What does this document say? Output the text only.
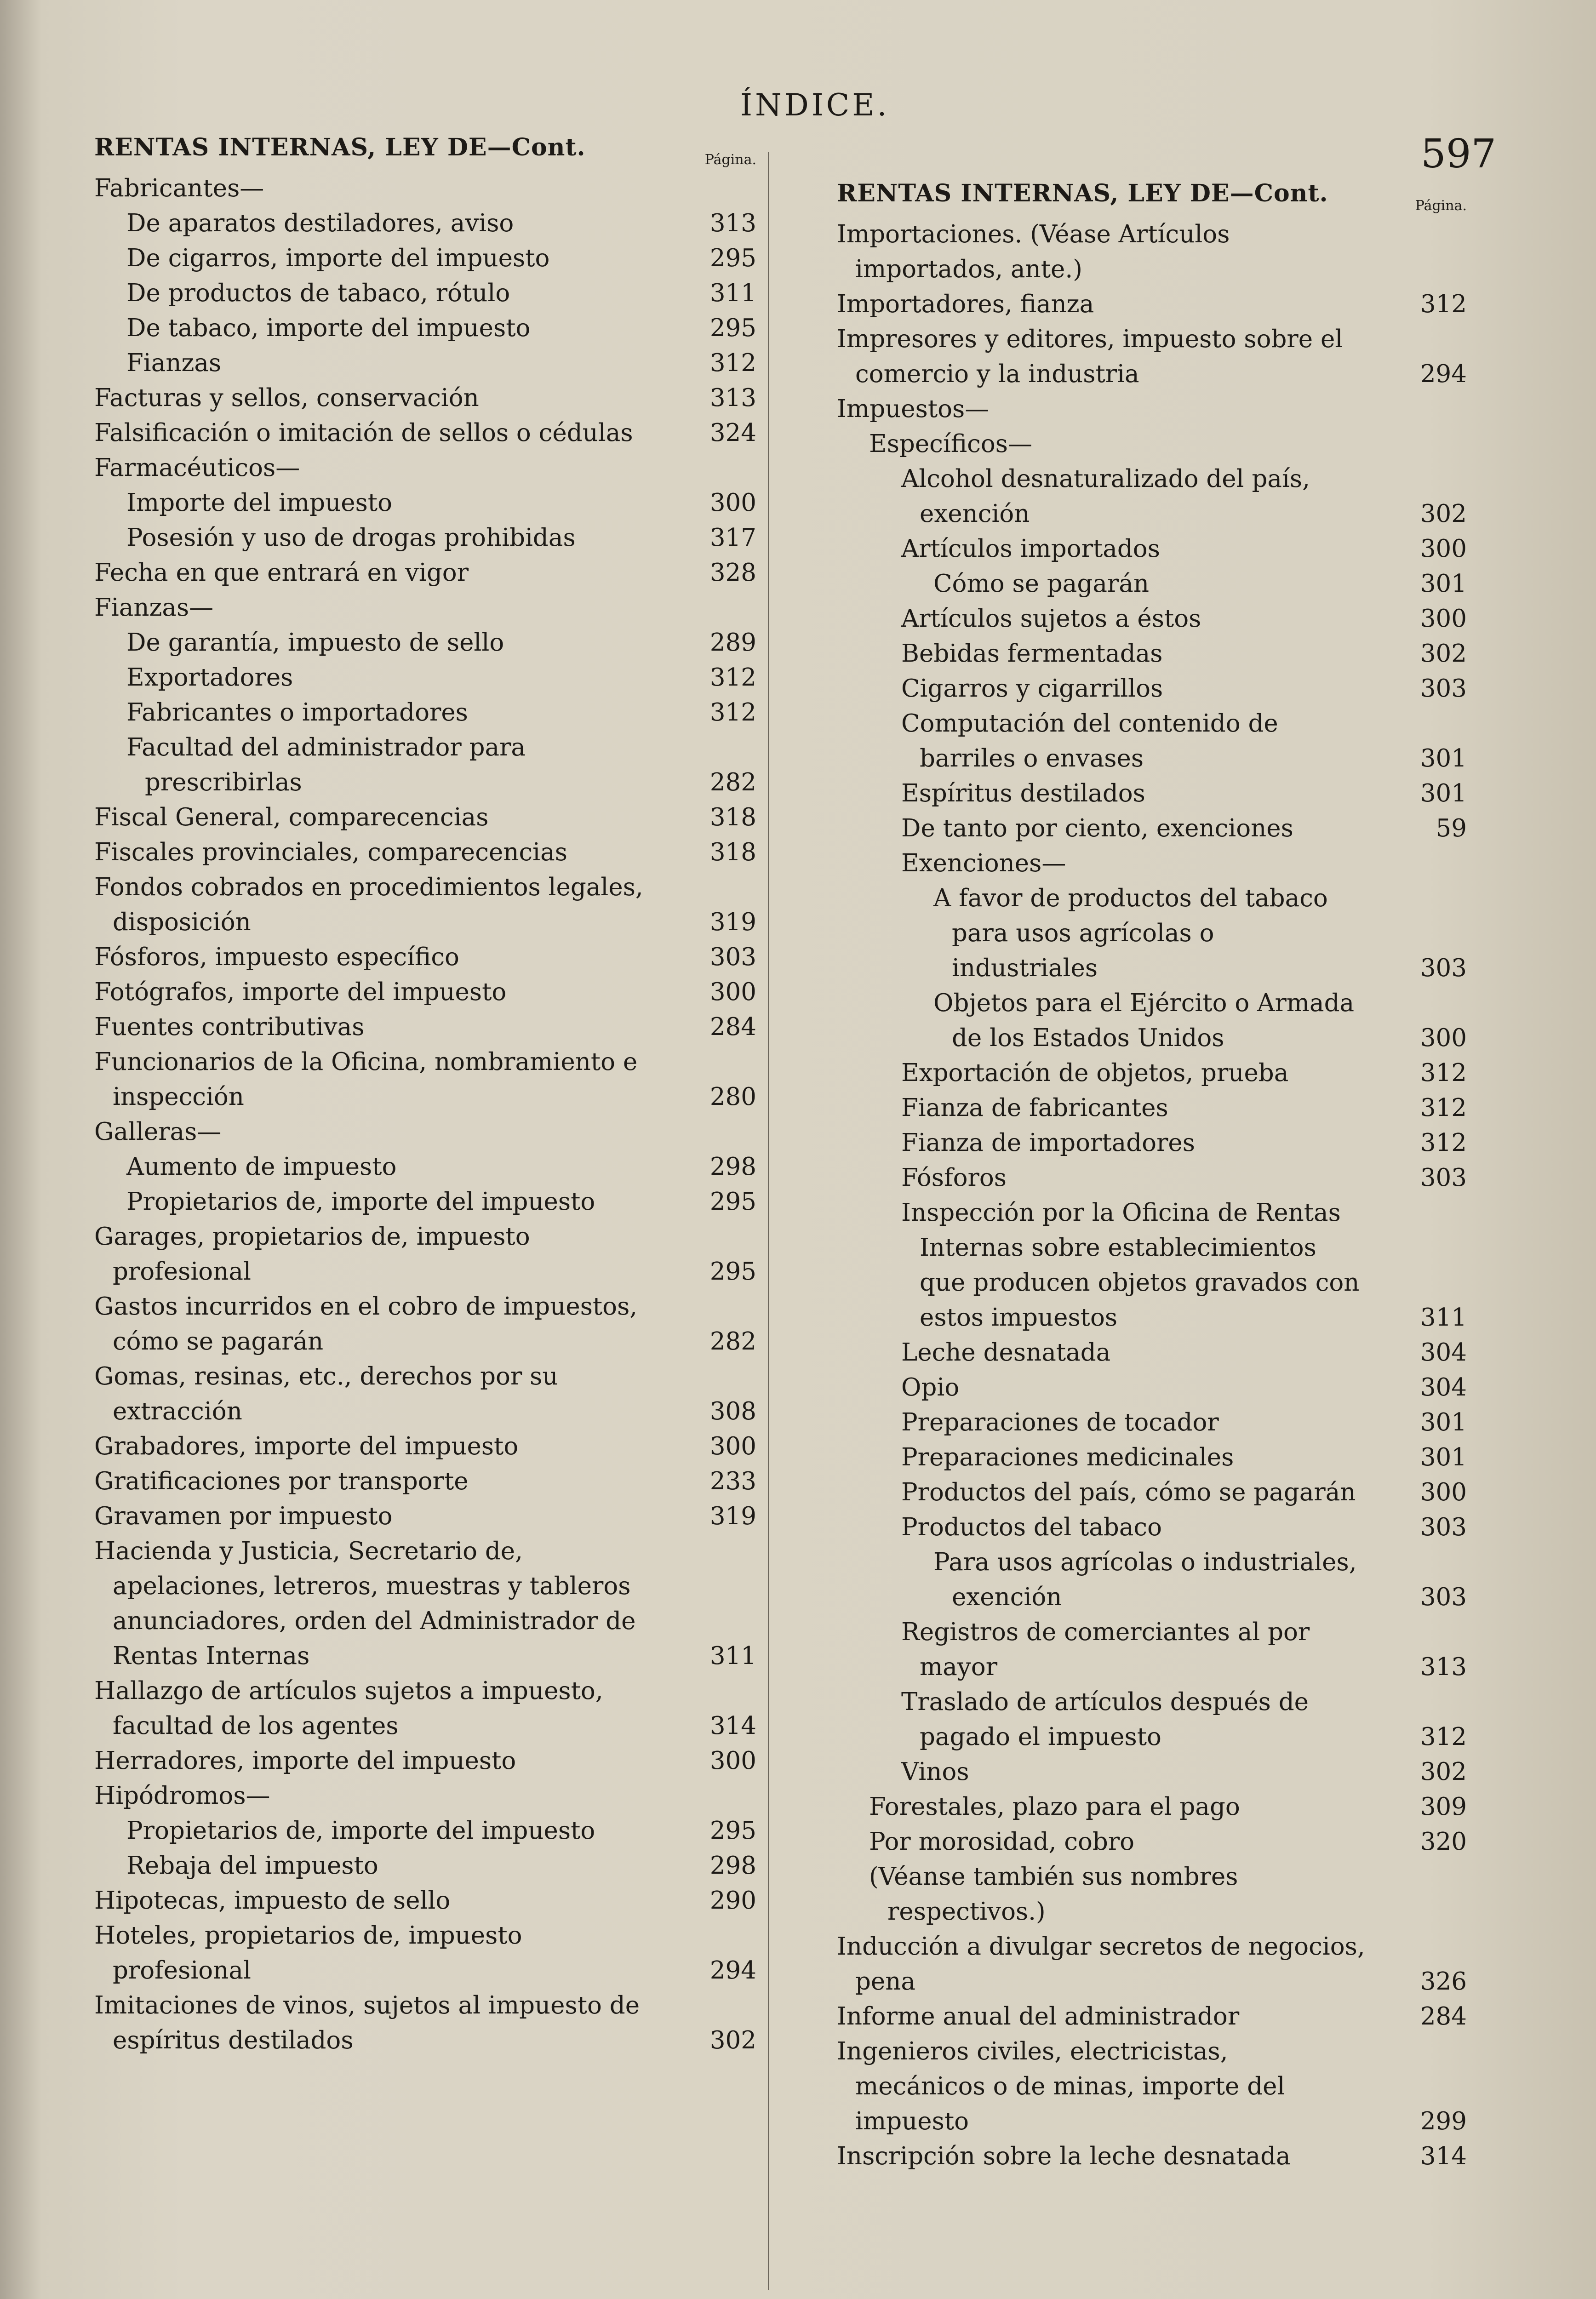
ÍNDICE.
597
RENTAS INTERNAS, LEY DE—Cont.	Página.
Fabricantes—
De aparatos destiladores, aviso	313
De cigarros, importe del impuesto	295
De productos de tabaco, rótulo	311
De tabaco, importe del impuesto	295
Fianzas	312
Facturas y sellos, conservación	313
Falsificación o imitación de sellos o cédulas	324
Farmacéuticos—
Importe del impuesto	300
Posesión y uso de drogas prohibidas	317
Fecha en que entrará en vigor	328
Fianzas—
De garantía, impuesto de sello	289
Exportadores	312
Fabricantes o importadores	312
Facultad del administrador para prescribirlas	282
Fiscal General, comparecencias	318
Fiscales provinciales, comparecencias	318
Fondos cobrados en procedimientos legales, disposición	319
Fósforos, impuesto específico	303
Fotógrafos, importe del impuesto	300
Fuentes contributivas	284
Funcionarios de la Oficina, nombramiento e inspección	280
Galleras—
Aumento de impuesto	298
Propietarios de, importe del impuesto	295
Garages, propietarios de, impuesto profesional	295
Gastos incurridos en el cobro de impuestos, cómo se pagarán	282
Gomas, resinas, etc., derechos por su extracción	308
Grabadores, importe del impuesto	300
Gratificaciones por transporte	233
Gravamen por impuesto	319
Hacienda y Justicia, Secretario de, apelaciones, letreros, muestras y tableros anunciadores, orden del Administrador de Rentas Internas	311
Hallazgo de artículos sujetos a impuesto, facultad de los agentes	314
Herradores, importe del impuesto	300
Hipódromos—
Propietarios de, importe del impuesto	295
Rebaja del impuesto	298
Hipotecas, impuesto de sello	290
Hoteles, propietarios de, impuesto profesional	294
Imitaciones de vinos, sujetos al impuesto de espíritus destilados	302
RENTAS INTERNAS, LEY DE—Cont.	Página.
Importaciones. (Véase Artículos importados, ante.)
Importadores, fianza	312
Impresores y editores, impuesto sobre el comercio y la industria	294
Impuestos—
Específicos—
Alcohol desnaturalizado del país, exención	302
Artículos importados	300
Cómo se pagarán	301
Artículos sujetos a éstos	300
Bebidas fermentadas	302
Cigarros y cigarrillos	303
Computación del contenido de barriles o envases	301
Espíritus destilados	301
De tanto por ciento, exenciones	59
Exenciones—
A favor de productos del tabaco para usos agrícolas o industriales	303
Objetos para el Ejército o Armada de los Estados Unidos	300
Exportación de objetos, prueba	312
Fianza de fabricantes	312
Fianza de importadores	312
Fósforos	303
Inspección por la Oficina de Rentas Internas sobre establecimientos que producen objetos gravados con estos impuestos	311
Leche desnatada	304
Opio	304
Preparaciones de tocador	301
Preparaciones medicinales	301
Productos del país, cómo se pagarán	300
Productos del tabaco	303
Para usos agrícolas o industriales, exención	303
Registros de comerciantes al por mayor	313
Traslado de artículos después de pagado el impuesto	312
Vinos	302
Forestales, plazo para el pago	309
Por morosidad, cobro	320
(Véanse también sus nombres respectivos.)
Inducción a divulgar secretos de negocios, pena	326
Informe anual del administrador	284
Ingenieros civiles, electricistas, mecánicos o de minas, importe del impuesto	299
Inscripción sobre la leche desnatada	314
